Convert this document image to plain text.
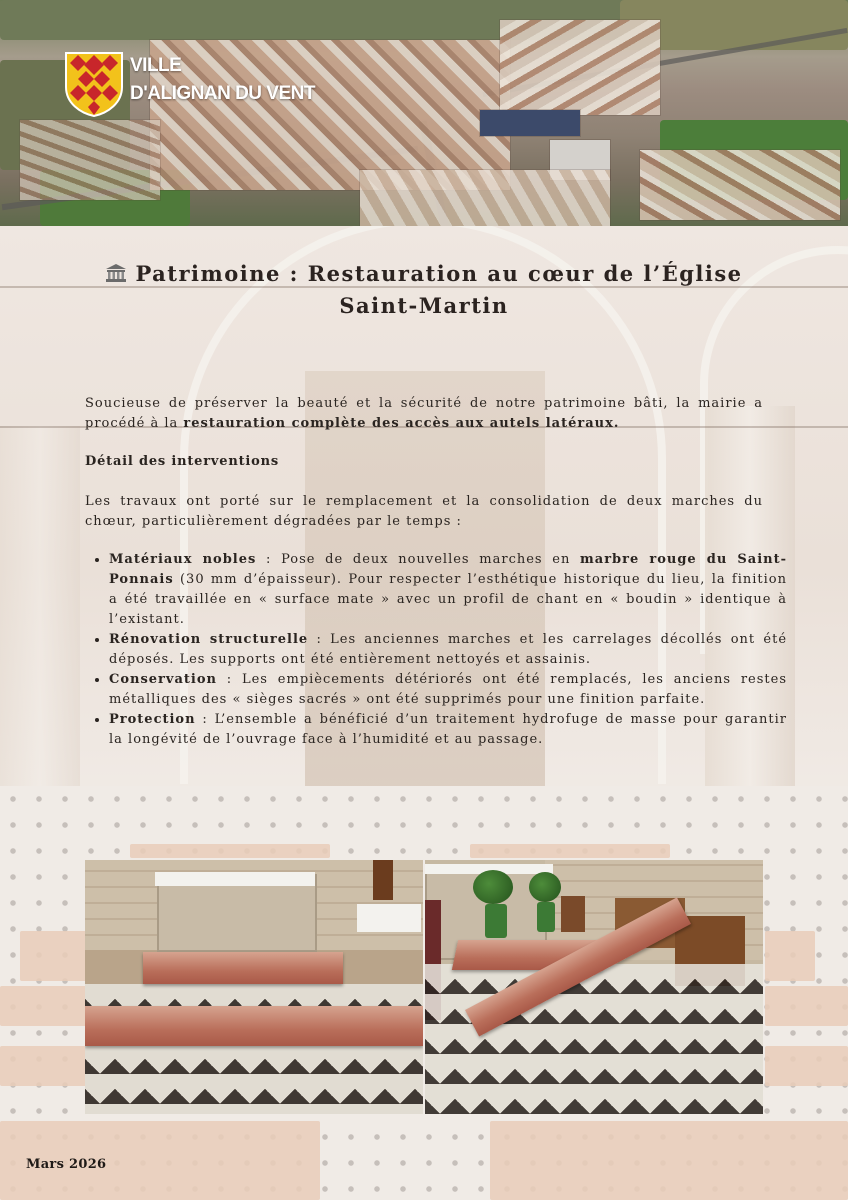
VILLE
D'ALIGNAN DU VENT
Patrimoine : Restauration au cœur de l’Église Saint-Martin

Soucieuse de préserver la beauté et la sécurité de notre patrimoine bâti, la mairie a procédé à la restauration complète des accès aux autels latéraux.

Détail des interventions

Les travaux ont porté sur le remplacement et la consolidation de deux marches du chœur, particulièrement dégradées par le temps :

• Matériaux nobles : Pose de deux nouvelles marches en marbre rouge du Saint-Ponnais (30 mm d’épaisseur). Pour respecter l’esthétique historique du lieu, la finition a été travaillée en « surface mate » avec un profil de chant en « boudin » identique à l’existant.
• Rénovation structurelle : Les anciennes marches et les carrelages décollés ont été déposés. Les supports ont été entièrement nettoyés et assainis.
• Conservation : Les empiècements détériorés ont été remplacés, les anciens restes métalliques des « sièges sacrés » ont été supprimés pour une finition parfaite.
• Protection : L’ensemble a bénéficié d’un traitement hydrofuge de masse pour garantir la longévité de l’ouvrage face à l’humidité et au passage.
Mars 2026
